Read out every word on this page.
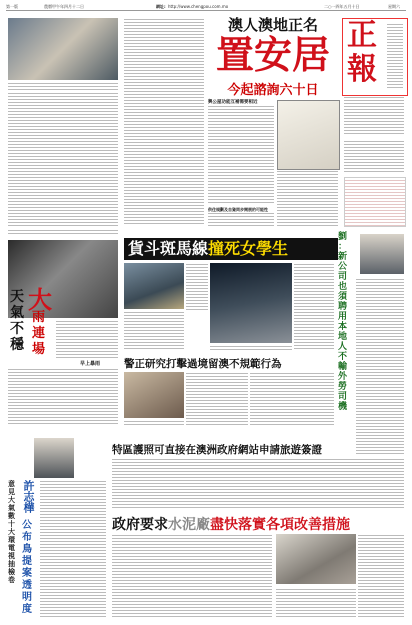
第一版	農曆甲午年四月十二日	網址: http://www.chengpou.com.mo	二○一四年五月十日	星期六
澳人澳地正名
置安居
今起諮詢六十日
興公屋功能互補需要相近
供住規劃及自資同步開展的可能性
正
報
天
氣
不
穩
大
雨
連
場
早上暴雨
貨斗斑馬線撞死女學生
劉
：
新
公
司
也
須
聘
用
本
地
人
不
輸
外
勞
司
機
警正研究打擊過境留澳不規範行為
特區護照可直接在澳洲政府網站申請旅遊簽證
意
見
大
氣
數
十
大
環
電
視
抽
檢
卷
許志樺
公
布
鳥
提
案
透
明
度
政府要求水泥廠盡快落實各項改善措施
